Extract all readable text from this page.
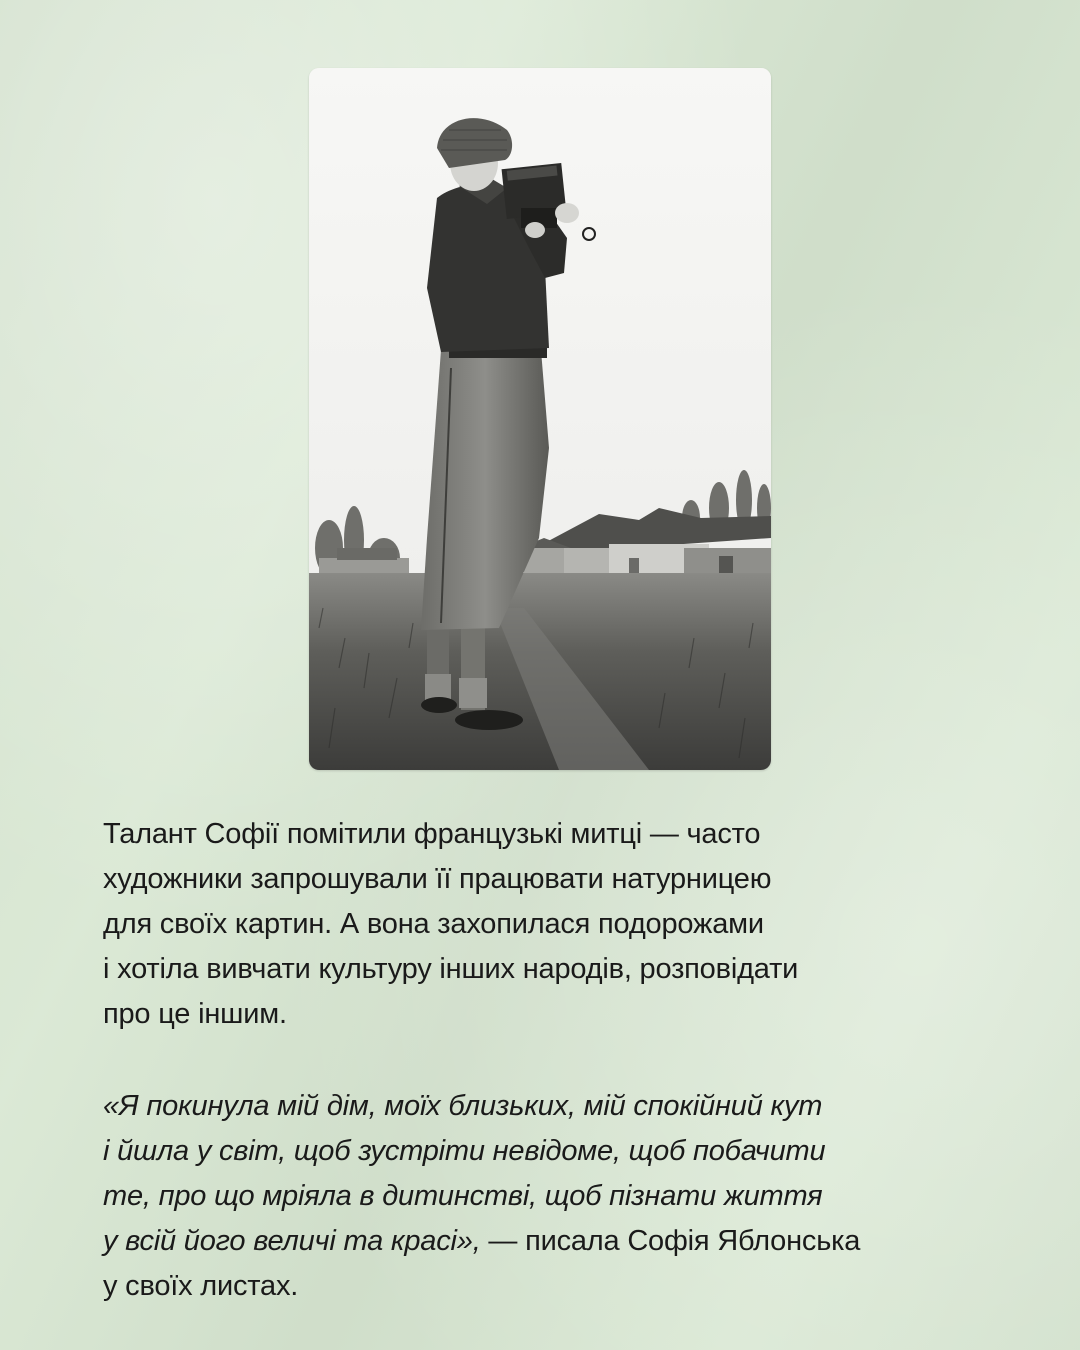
Талант Софії помітили французькі митці — часто
художники запрошували її працювати натурницею
для своїх картин. А вона захопилася подорожами
і хотіла вивчати культуру інших народів, розповідати
про це іншим.

«Я покинула мій дім, моїх близьких, мій спокійний кут
і йшла у світ, щоб зустріти невідоме, щоб побачити
те, про що мріяла в дитинстві, щоб пізнати життя
у всій його величі та красі», — писала Софія Яблонська
у своїх листах.
